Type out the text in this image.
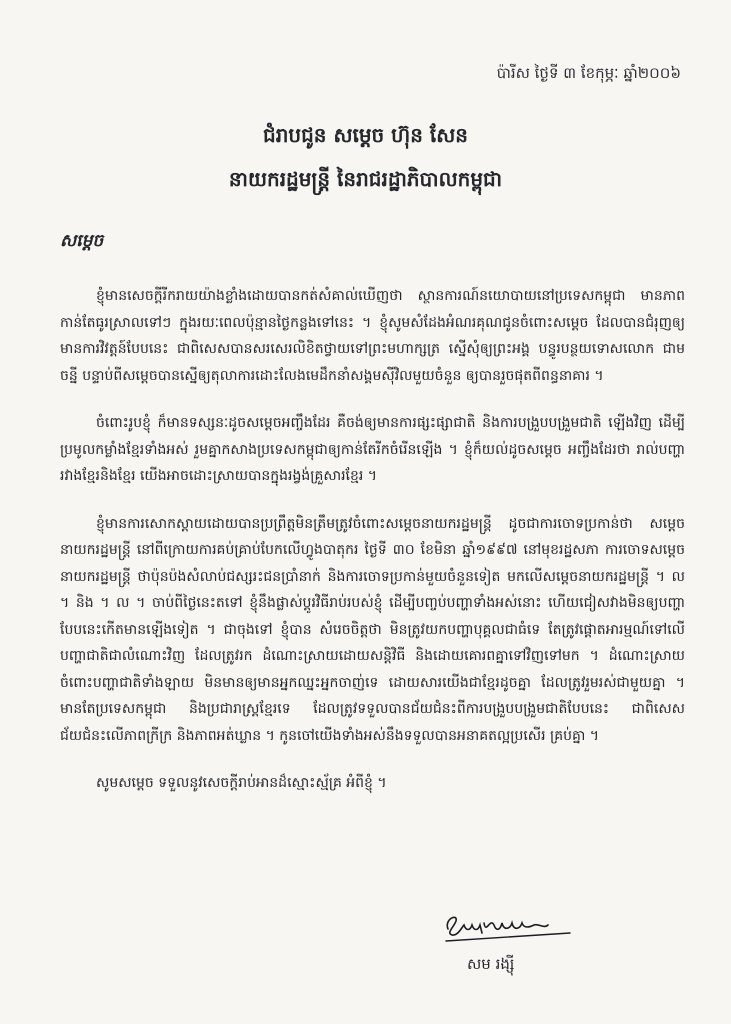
ប៉ារីស ថ្ងៃទី ៣ ខែកុម្ភៈ ឆ្នាំ២០០៦
ជំរាបជូន សម្តេច ហ៊ុន សែន
នាយករដ្ឋមន្រ្តី នៃរាជរដ្ឋាភិបាលកម្ពុជា
សម្តេច

ខ្ញុំមានសេចក្តីរីករាយយ៉ាងខ្លាំងដោយបានកត់សំគាល់ឃើញថា ស្ថានការណ៍នយោបាយនៅប្រទេសកម្ពុជា មានភាពកាន់តែធូរស្រាលទៅៗ ក្នុងរយៈពេលប៉ុន្មានថ្ងៃកន្លងទៅនេះ ។ ខ្ញុំសូមសំដែងអំណរគុណជូនចំពោះសម្តេច ដែលបានជំរុញឲ្យមានការវិវត្តន៍បែបនេះ ជាពិសេសបានសរសេរលិខិតថ្វាយទៅព្រះមហាក្សត្រ ស្នើសុំឲ្យព្រះអង្គ បន្ធូរបន្ថយទោសលោក ជាម ចន្នី បន្ទាប់ពីសម្តេចបានស្នើឲ្យតុលាការដោះលែងមេដឹកនាំសង្គមស៊ីវិលមួយចំនួន ឲ្យបានរួចផុតពីពន្ធនាគារ ។

ចំពោះរូបខ្ញុំ ក៏មានទស្សនៈដូចសម្តេចអញ្ចឹងដែរ គឺចង់ឲ្យមានការផ្សះផ្សាជាតិ និងការបង្រួបបង្រួមជាតិ ឡើងវិញ ដើម្បីប្រមូលកម្លាំងខ្មែរទាំងអស់ រួមគ្នាកសាងប្រទេសកម្ពុជាឲ្យកាន់តែរីកចំរើនឡើង ។ ខ្ញុំក៏យល់ដូចសម្តេច អញ្ចឹងដែរថា រាល់បញ្ហារវាងខ្មែរនិងខ្មែរ យើងអាចដោះស្រាយបានក្នុងរង្វង់គ្រួសារខ្មែរ ។

ខ្ញុំមានការសោកស្តាយដោយបានប្រព្រឹត្តមិនត្រឹមត្រូវចំពោះសម្តេចនាយករដ្ឋមន្រ្តី ដូចជាការចោទប្រកាន់ថា សម្តេចនាយករដ្ឋមន្រ្តី នៅពីក្រោយការគប់គ្រាប់បែកលើហ្វូងបាតុករ ថ្ងៃទី ៣០ ខែមិនា ឆ្នាំ១៩៩៧ នៅមុខរដ្ឋសភា ការចោទសម្តេចនាយករដ្ឋមន្រ្តី ថាប៉ុនប៉ងសំលាប់ជស្សរះជនប្រាំនាក់ និងការចោទប្រកាន់មួយចំនួនទៀត មកលើសម្តេចនាយករដ្ឋមន្រ្តី ។ ល ។ និង ។ ល ។ ចាប់ពីថ្ងៃនេះតទៅ ខ្ញុំនឹងផ្លាស់ប្តូរវិធីរាប់របស់ខ្ញុំ ដើម្បីបញ្ចប់បញ្ហាទាំងអស់នោះ ហើយជៀសវាងមិនឲ្យបញ្ហាបែបនេះកើតមានឡើងទៀត ។ ជាចុងទៅ ខ្ញុំបាន សំរេចចិត្តថា មិនត្រូវយកបញ្ហាបុគ្គលជាធំទេ តែត្រូវផ្តោតអារម្មណ៍ទៅលើបញ្ហាជាតិជាលំណោះវិញ ដែលត្រូវរក ដំណោះស្រាយដោយសន្តិវិធី និងដោយគោរពគ្នាទៅវិញទៅមក ។ ដំណោះស្រាយចំពោះបញ្ហាជាតិទាំងឡាយ មិនមានឲ្យមានអ្នកឈ្នះអ្នកចាញ់ទេ ដោយសារយើងជាខ្មែរដូចគ្នា ដែលត្រូវរួមរស់ជាមួយគ្នា ។ មានតែប្រទេសកម្ពុជា និងប្រជារាស្រ្តខ្មែរទេ ដែលត្រូវទទួលបានជ័យជំនះពីការបង្រួបបង្រួមជាតិបែបនេះ ជាពិសេសជ័យជំនះលើភាពក្រីក្រ និងភាពអត់ឃ្លាន ។ កូនចៅយើងទាំងអស់នឹងទទួលបានអនាគតល្អប្រសើរ គ្រប់គ្នា ។

សូមសម្តេច ទទួលនូវសេចក្តីរាប់អានដ៏ស្មោះស្ម័គ្រ អំពីខ្ញុំ ។

សម រង្ស៊ី
